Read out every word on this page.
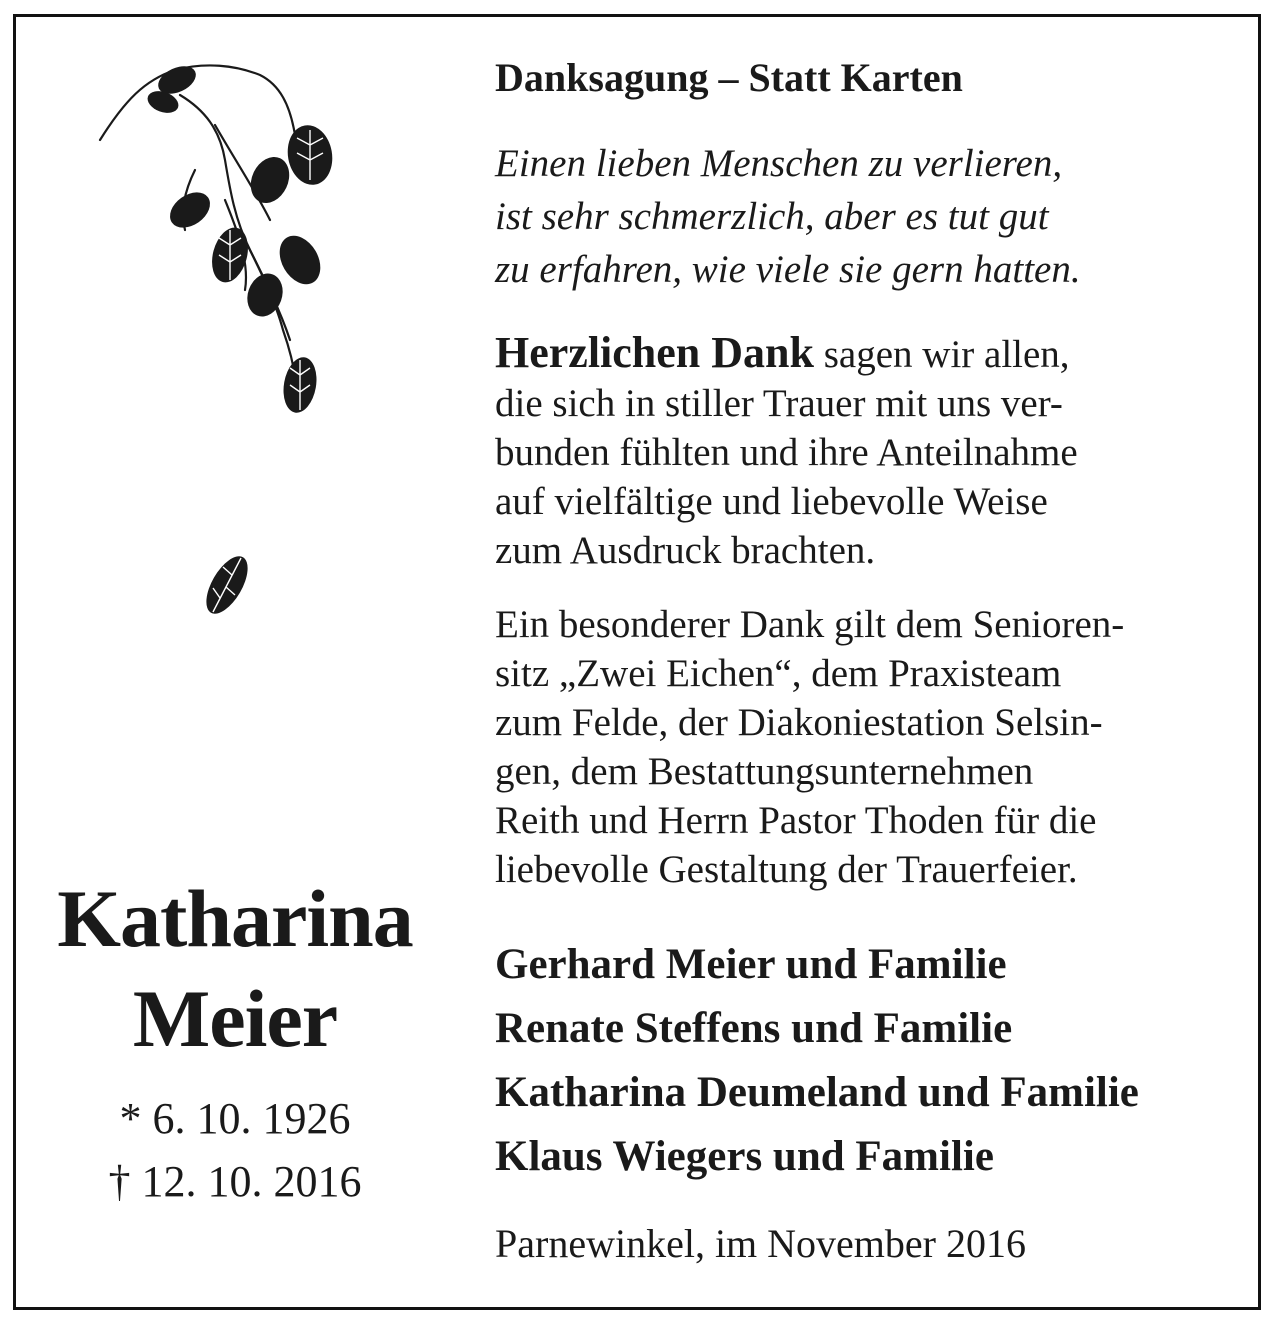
Katharina
Meier
* 6. 10. 1926
† 12. 10. 2016
Danksagung – Statt Karten
Einen lieben Menschen zu verlieren,
ist sehr schmerzlich, aber es tut gut
zu erfahren, wie viele sie gern hatten.
Herzlichen Dank sagen wir allen,
die sich in stiller Trauer mit uns ver-
bunden fühlten und ihre Anteilnahme
auf vielfältige und liebevolle Weise
zum Ausdruck brachten.
Ein besonderer Dank gilt dem Senioren-
sitz „Zwei Eichen“, dem Praxisteam
zum Felde, der Diakoniestation Selsin-
gen, dem Bestattungsunternehmen
Reith und Herrn Pastor Thoden für die
liebevolle Gestaltung der Trauerfeier.
Gerhard Meier und Familie
Renate Steffens und Familie
Katharina Deumeland und Familie
Klaus Wiegers und Familie
Parnewinkel, im November 2016
